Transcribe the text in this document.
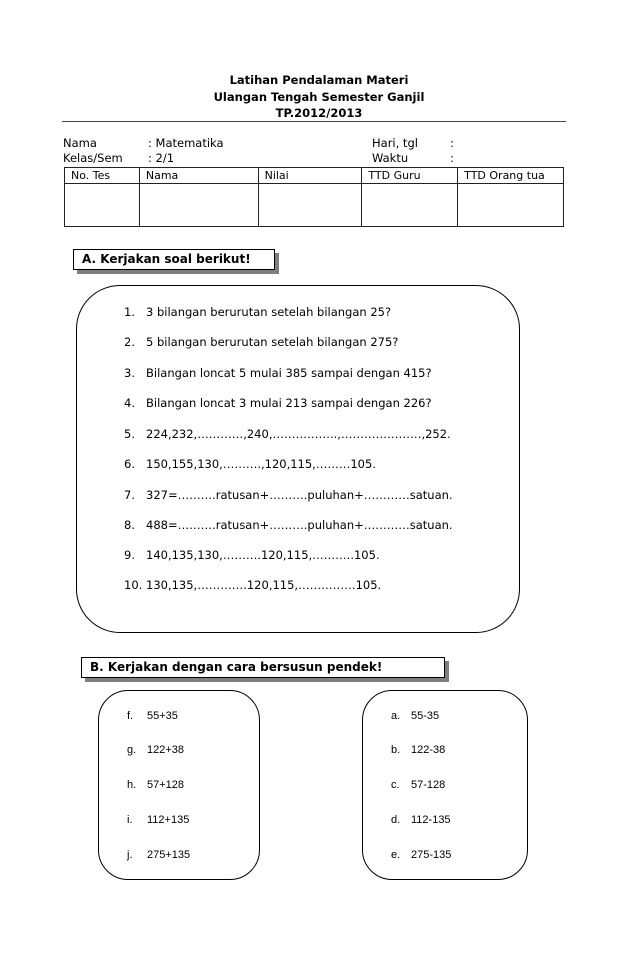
Latihan Pendalaman Materi
Ulangan Tengah Semester Ganjil
TP.2012/2013
Nama	: Matematika	Hari, tgl	:
Kelas/Sem : 2/1	Waktu	:
No. Tes	Nama	Nilai	TTD Guru	TTD Orang tua

A. Kerjakan soal berikut!
1. 3 bilangan berurutan setelah bilangan 25?
2. 5 bilangan berurutan setelah bilangan 275?
3. Bilangan loncat 5 mulai 385 sampai dengan 415?
4. Bilangan loncat 3 mulai 213 sampai dengan 226?
5. 224,232,…………,240,……………..,…………………,252.
6. 150,155,130,……….,120,115,………105.
7. 327=……….ratusan+……….puluhan+…………satuan.
8. 488=……….ratusan+……….puluhan+…………satuan.
9. 140,135,130,……….120,115,………..105.
10. 130,135,………….120,115,……………105.
B. Kerjakan dengan cara bersusun pendek!
f. 55+35
g. 122+38
h. 57+128
i. 112+135
j. 275+135
a. 55-35
b. 122-38
c. 57-128
d. 112-135
e. 275-135
